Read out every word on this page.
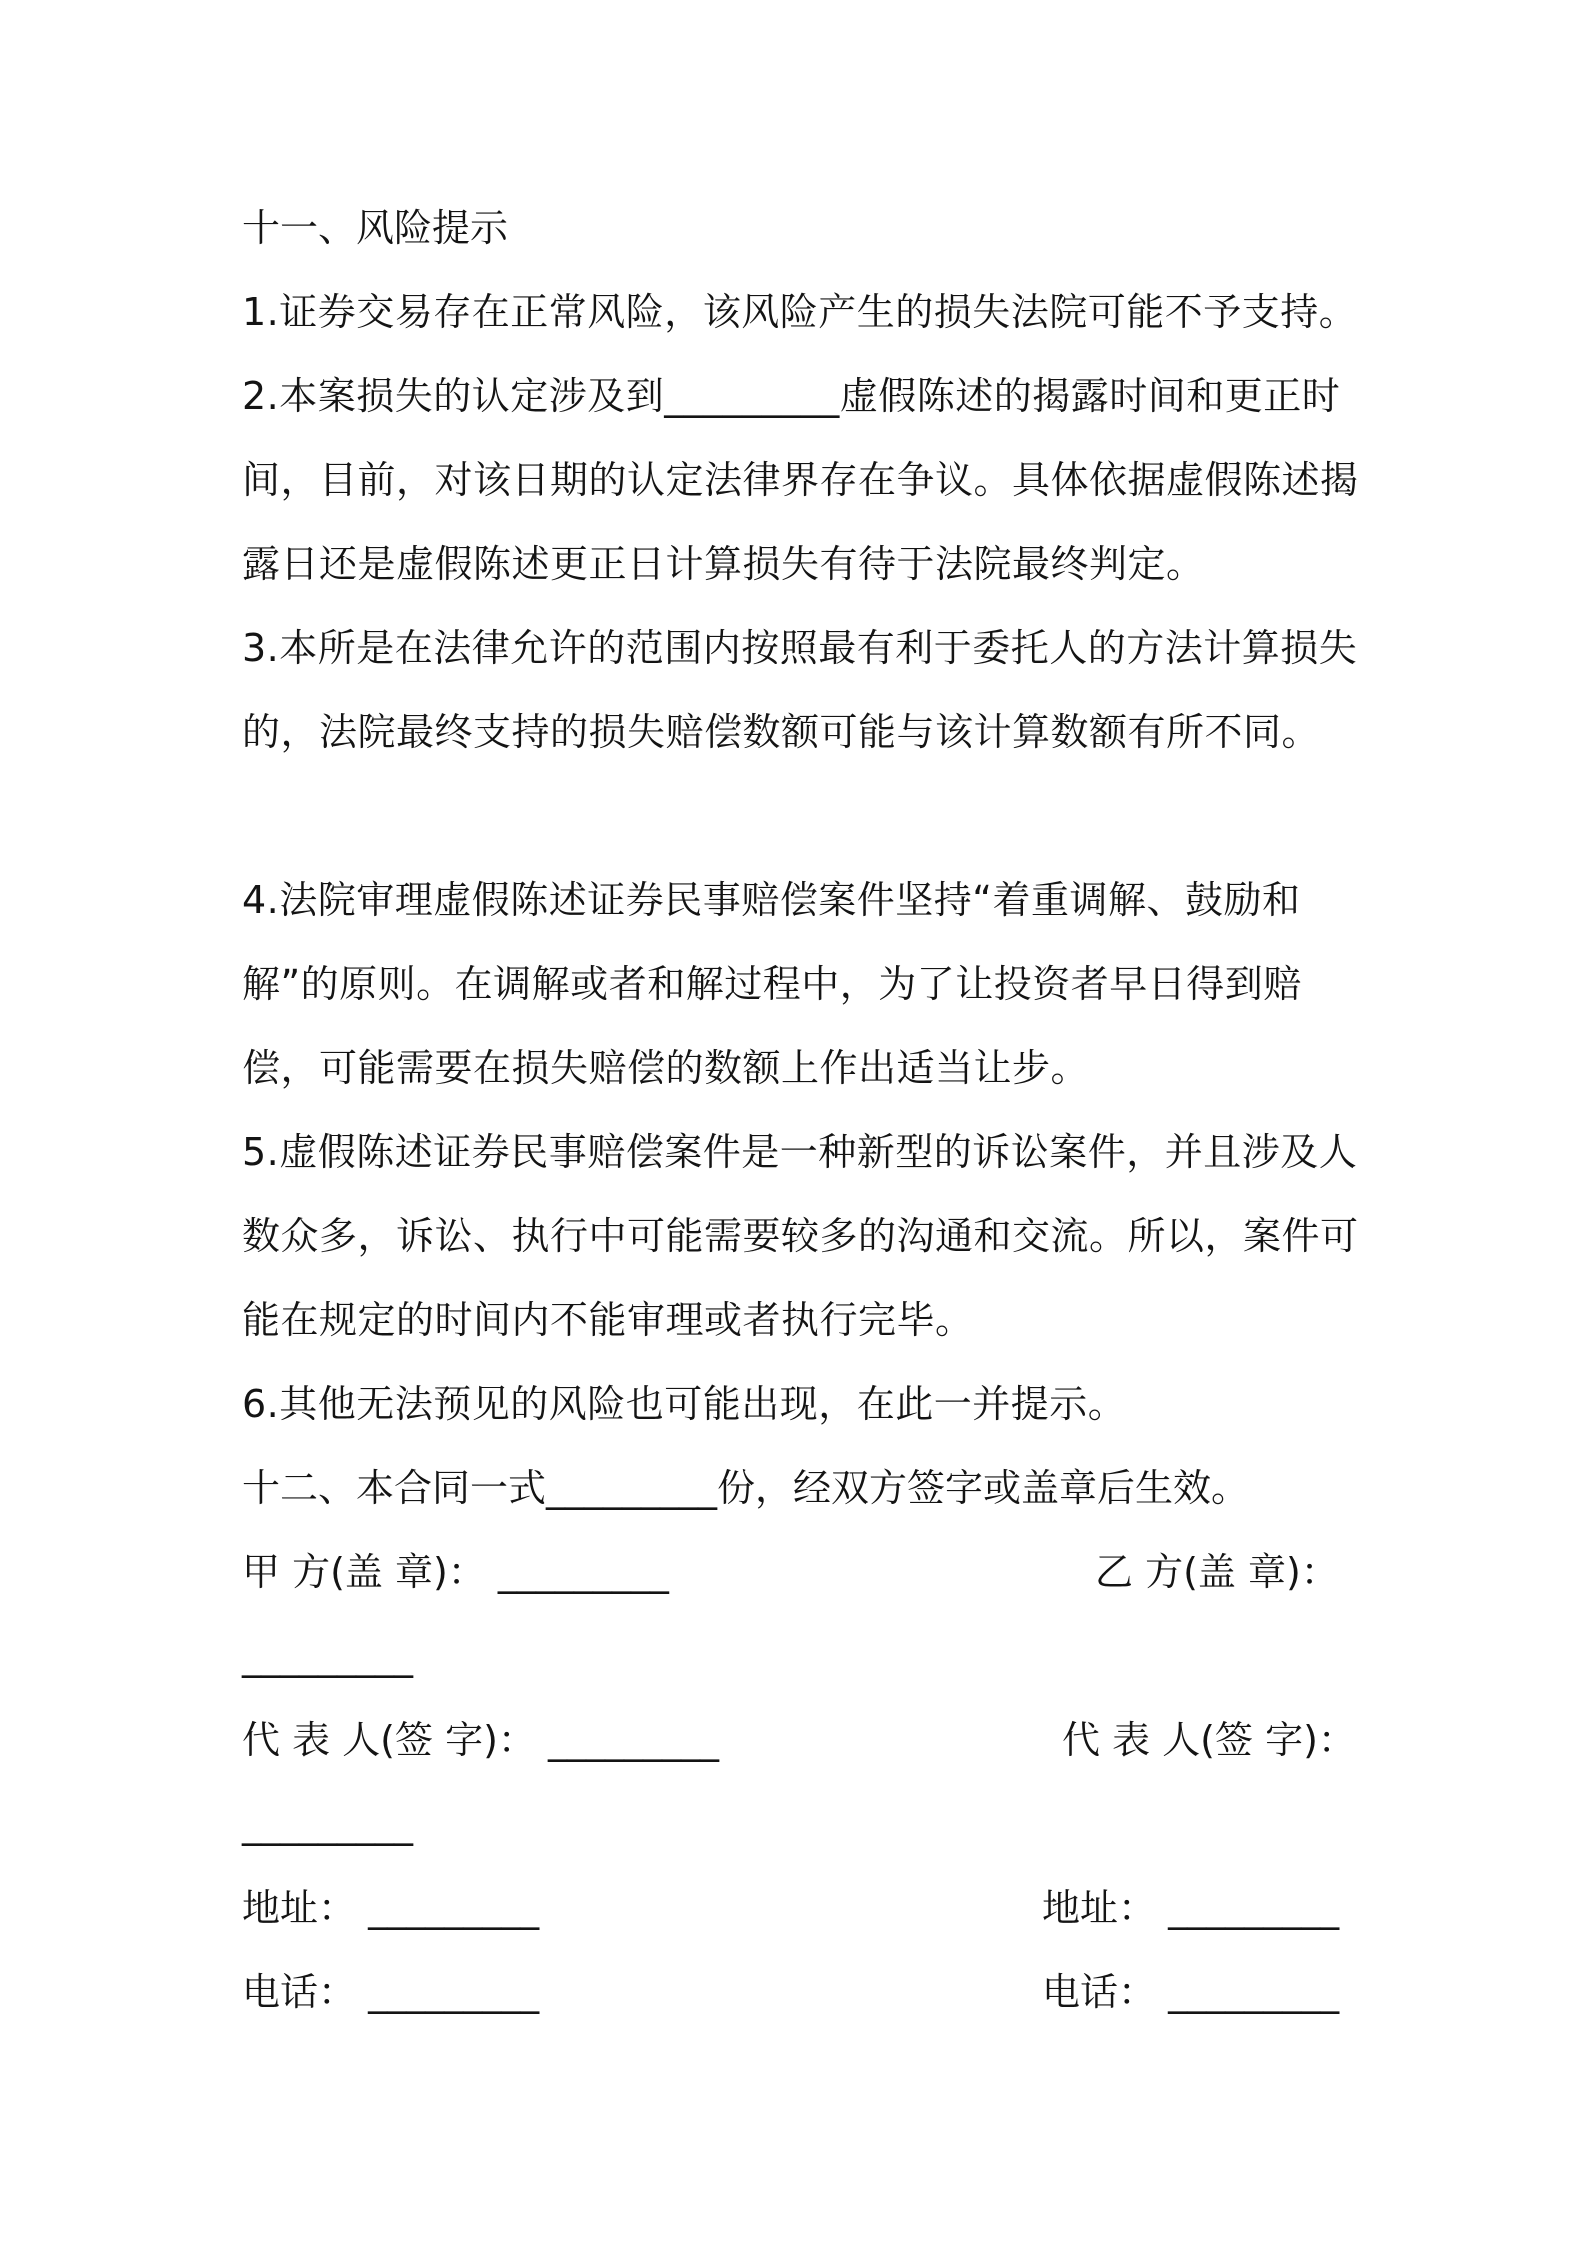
十一、风险提示

1.证券交易存在正常风险，该风险产生的损失法院可能不予支持。

2.本案损失的认定涉及到_________虚假陈述的揭露时间和更正时间，目前，对该日期的认定法律界存在争议。具体依据虚假陈述揭露日还是虚假陈述更正日计算损失有待于法院最终判定。

3.本所是在法律允许的范围内按照最有利于委托人的方法计算损失的，法院最终支持的损失赔偿数额可能与该计算数额有所不同。

4.法院审理虚假陈述证券民事赔偿案件坚持“着重调解、鼓励和解”的原则。在调解或者和解过程中，为了让投资者早日得到赔偿，可能需要在损失赔偿的数额上作出适当让步。

5.虚假陈述证券民事赔偿案件是一种新型的诉讼案件，并且涉及人数众多，诉讼、执行中可能需要较多的沟通和交流。所以，案件可能在规定的时间内不能审理或者执行完毕。

6.其他无法预见的风险也可能出现，在此一并提示。

十二、本合同一式_________份，经双方签字或盖章后生效。

甲 方(盖 章)： _________	乙 方(盖 章)：

_________

代 表 人(签 字)： _________	代 表 人(签 字)：

_________

地址： _________	地址： _________

电话： _________	电话： _________
